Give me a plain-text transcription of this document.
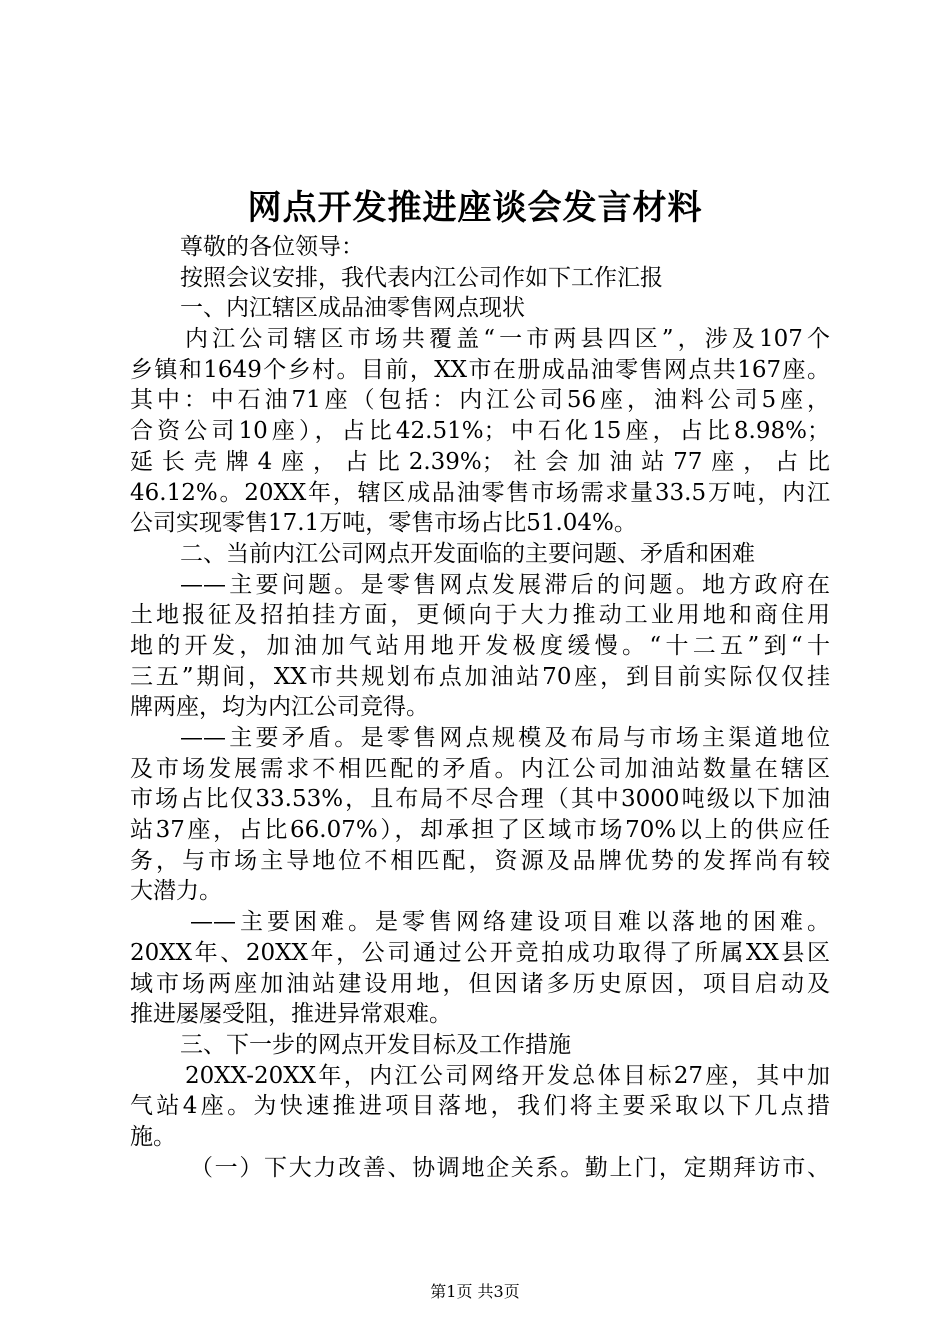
网点开发推进座谈会发言材料
尊敬的各位领导：
按照会议安排，我代表内江公司作如下工作汇报
一、内江辖区成品油零售网点现状
内江公司辖区市场共覆盖“一市两县四区”，涉及107个
乡镇和1649个乡村。目前，XX市在册成品油零售网点共167座。
其中：中石油71座（包括：内江公司56座，油料公司5座，
合资公司10座），占比42.51%；中石化15座，占比8.98%；
延长壳牌4座，占比2.39%；社会加油站77座，占比
46.12%。20XX年，辖区成品油零售市场需求量33.5万吨，内江
公司实现零售17.1万吨，零售市场占比51.04%。
二、当前内江公司网点开发面临的主要问题、矛盾和困难
——主要问题。是零售网点发展滞后的问题。地方政府在
土地报征及招拍挂方面，更倾向于大力推动工业用地和商住用
地的开发，加油加气站用地开发极度缓慢。“十二五”到“十
三五”期间，XX市共规划布点加油站70座，到目前实际仅仅挂
牌两座，均为内江公司竞得。
——主要矛盾。是零售网点规模及布局与市场主渠道地位
及市场发展需求不相匹配的矛盾。内江公司加油站数量在辖区
市场占比仅33.53%，且布局不尽合理（其中3000吨级以下加油
站37座，占比66.07%），却承担了区域市场70%以上的供应任
务，与市场主导地位不相匹配，资源及品牌优势的发挥尚有较
大潜力。
——主要困难。是零售网络建设项目难以落地的困难。
20XX年、20XX年，公司通过公开竞拍成功取得了所属XX县区
域市场两座加油站建设用地，但因诸多历史原因，项目启动及
推进屡屡受阻，推进异常艰难。
三、下一步的网点开发目标及工作措施
20XX-20XX年，内江公司网络开发总体目标27座，其中加
气站4座。为快速推进项目落地，我们将主要采取以下几点措
施。
（一）下大力改善、协调地企关系。勤上门，定期拜访市、
第1页 共3页
